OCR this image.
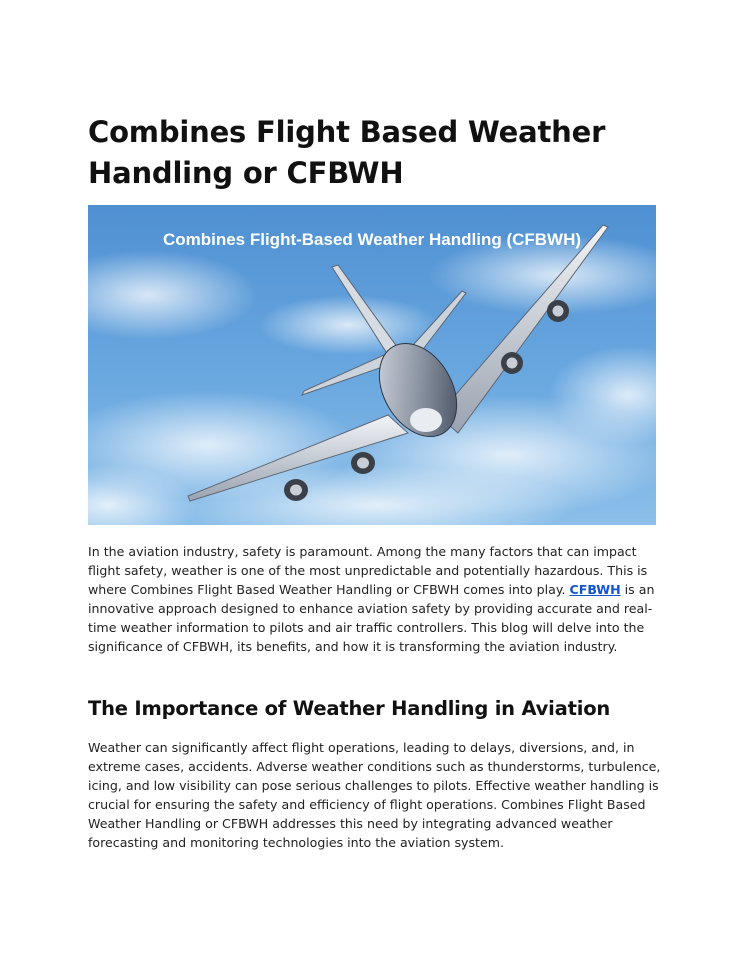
Combines Flight Based Weather Handling or CFBWH
Combines Flight-Based Weather Handling (CFBWH)

In the aviation industry, safety is paramount. Among the many factors that can impact flight safety, weather is one of the most unpredictable and potentially hazardous. This is where Combines Flight Based Weather Handling or CFBWH comes into play. CFBWH is an innovative approach designed to enhance aviation safety by providing accurate and real-time weather information to pilots and air traffic controllers. This blog will delve into the significance of CFBWH, its benefits, and how it is transforming the aviation industry.

The Importance of Weather Handling in Aviation

Weather can significantly affect flight operations, leading to delays, diversions, and, in extreme cases, accidents. Adverse weather conditions such as thunderstorms, turbulence, icing, and low visibility can pose serious challenges to pilots. Effective weather handling is crucial for ensuring the safety and efficiency of flight operations. Combines Flight Based Weather Handling or CFBWH addresses this need by integrating advanced weather forecasting and monitoring technologies into the aviation system.
